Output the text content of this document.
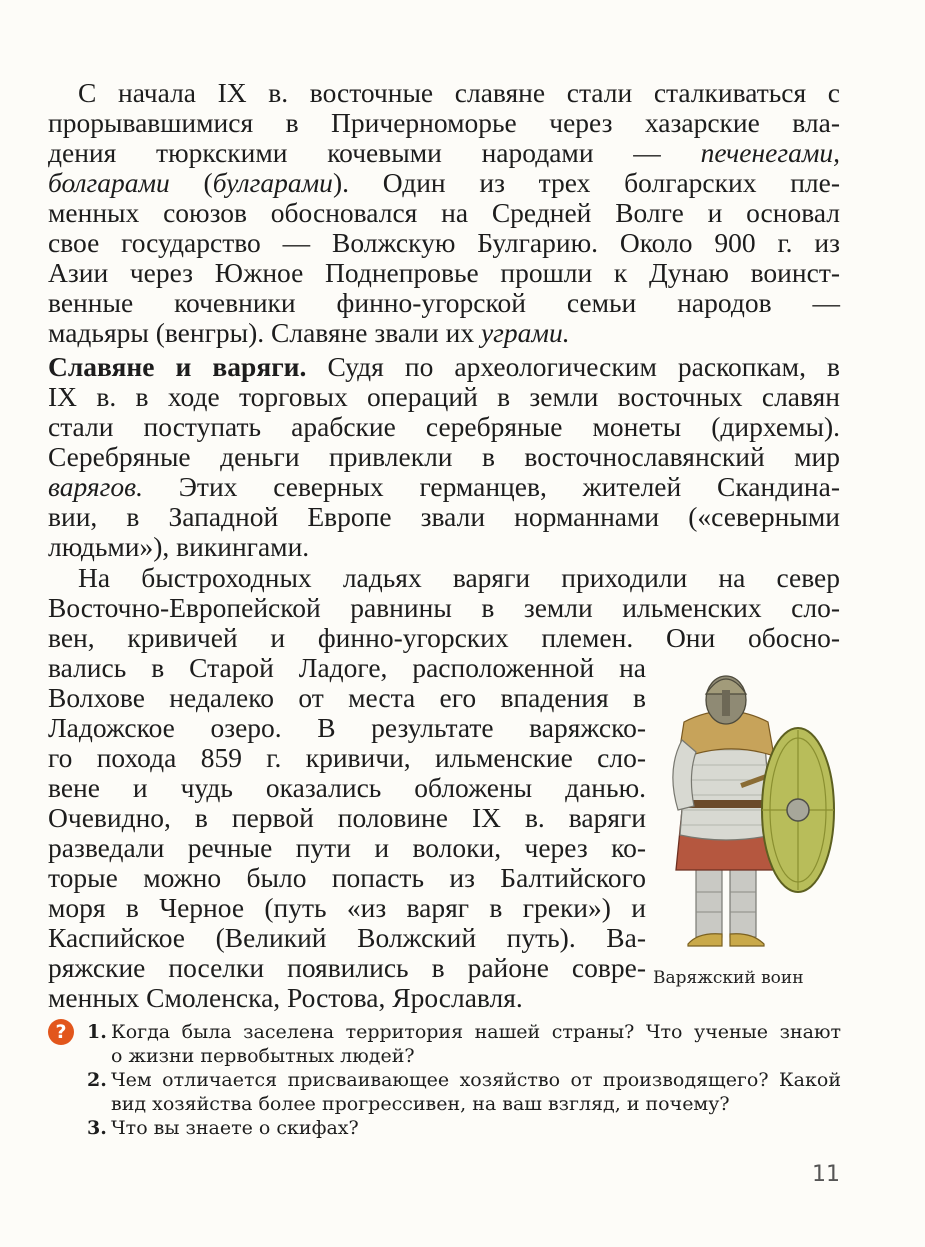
С начала IX в. восточные славяне стали сталкиваться с
прорывавшимися в Причерноморье через хазарские вла-
дения тюркскими кочевыми народами — печенегами,
болгарами (булгарами). Один из трех болгарских пле-
менных союзов обосновался на Средней Волге и основал
свое государство — Волжскую Булгарию. Около 900 г. из
Азии через Южное Поднепровье прошли к Дунаю воинст-
венные кочевники финно-угорской семьи народов —
мадьяры (венгры). Славяне звали их уграми.
Славяне и варяги. Судя по археологическим раскопкам, в
IX в. в ходе торговых операций в земли восточных славян
стали поступать арабские серебряные монеты (дирхемы).
Серебряные деньги привлекли в восточнославянский мир
варягов. Этих северных германцев, жителей Скандина-
вии, в Западной Европе звали норманнами («северными
людьми»), викингами.
На быстроходных ладьях варяги приходили на север
Восточно-Европейской равнины в земли ильменских сло-
вен, кривичей и финно-угорских племен. Они обосно-
вались в Старой Ладоге, расположенной на
Волхове недалеко от места его впадения в
Ладожское озеро. В результате варяжско-
го похода 859 г. кривичи, ильменские сло-
вене и чудь оказались обложены данью.
Очевидно, в первой половине IX в. варяги
разведали речные пути и волоки, через ко-
торые можно было попасть из Балтийского
моря в Черное (путь «из варяг в греки») и
Каспийское (Великий Волжский путь). Ва-
ряжские поселки появились в районе совре-
менных Смоленска, Ростова, Ярославля.
Варяжский воин
?	1. Когда была заселена территория нашей страны? Что ученые знают
о жизни первобытных людей?
2. Чем отличается присваивающее хозяйство от производящего? Какой
вид хозяйства более прогрессивен, на ваш взгляд, и почему?
3. Что вы знаете о скифах?
11
